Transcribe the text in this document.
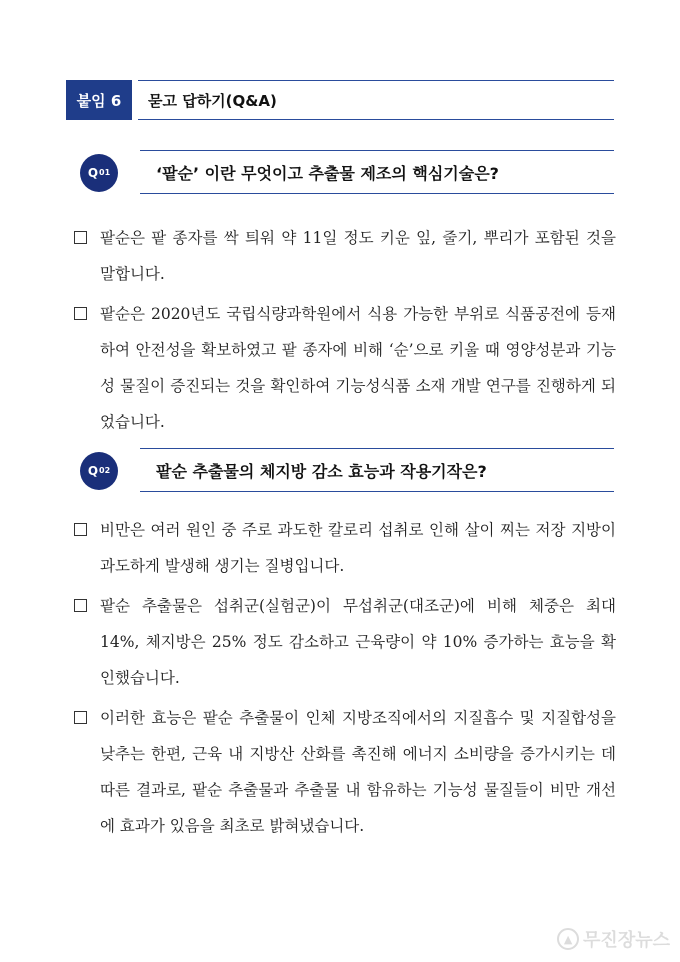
붙임 6	묻고 답하기(Q&A)
$Q^{01}$	‘팥순’ 이란 무엇이고 추출물 제조의 핵심기술은?
팥순은 팥 종자를 싹 틔워 약 11일 정도 키운 잎, 줄기, 뿌리가 포함된 것을 말합니다.
팥순은 2020년도 국립식량과학원에서 식용 가능한 부위로 식품공전에 등재하여 안전성을 확보하였고 팥 종자에 비해 ‘순’으로 키울 때 영양성분과 기능성 물질이 증진되는 것을 확인하여 기능성식품 소재 개발 연구를 진행하게 되었습니다.
$Q^{02}$	팥순 추출물의 체지방 감소 효능과 작용기작은?
비만은 여러 원인 중 주로 과도한 칼로리 섭취로 인해 살이 찌는 저장 지방이 과도하게 발생해 생기는 질병입니다.
팥순 추출물은 섭취군(실험군)이 무섭취군(대조군)에 비해 체중은 최대 14%, 체지방은 25% 정도 감소하고 근육량이 약 10% 증가하는 효능을 확인했습니다.
이러한 효능은 팥순 추출물이 인체 지방조직에서의 지질흡수 및 지질합성을 낮추는 한편, 근육 내 지방산 산화를 촉진해 에너지 소비량을 증가시키는 데 따른 결과로, 팥순 추출물과 추출물 내 함유하는 기능성 물질들이 비만 개선에 효과가 있음을 최초로 밝혀냈습니다.
▲ 무진장뉴스
